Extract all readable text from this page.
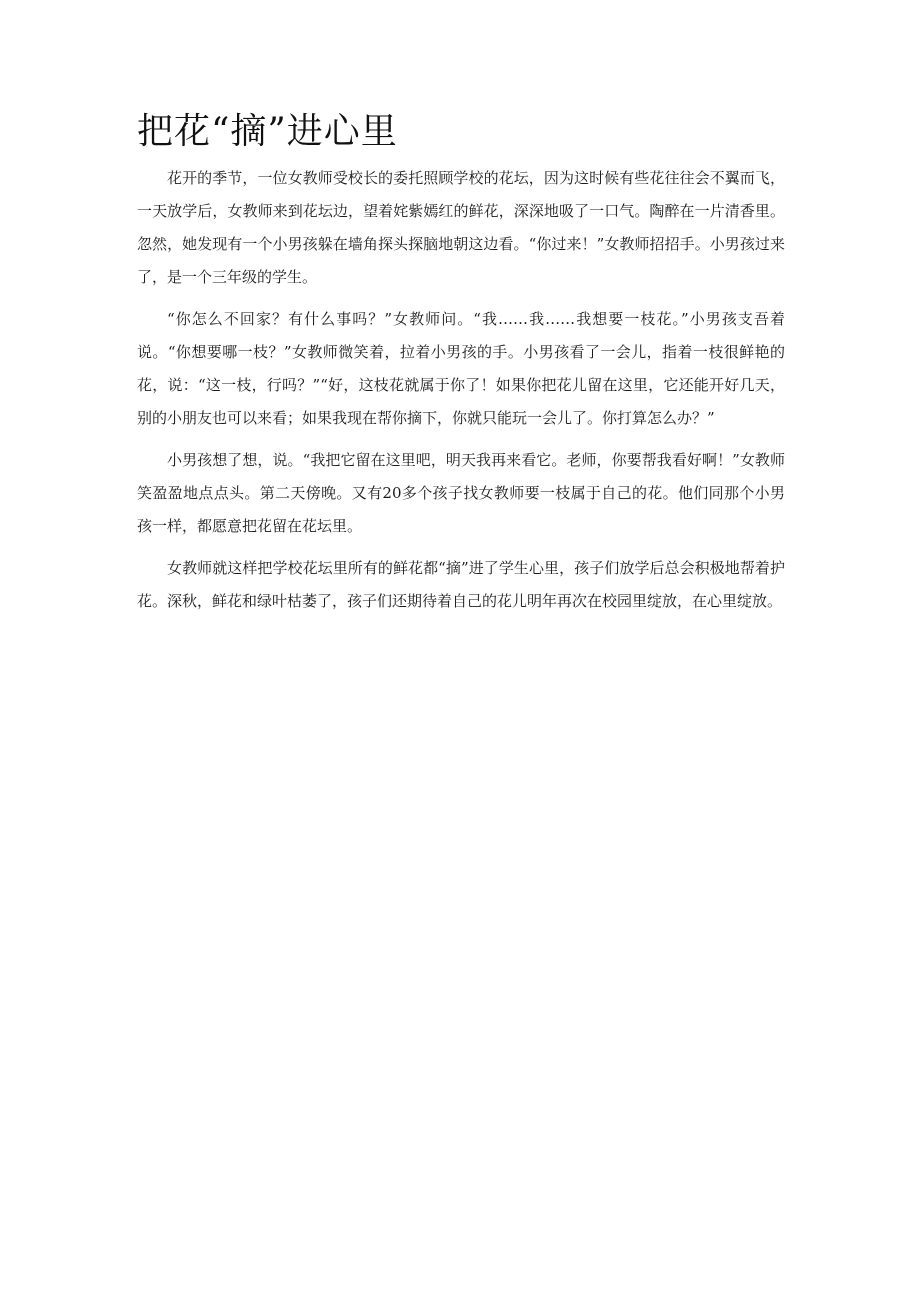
把花“摘”进心里

花开的季节，一位女教师受校长的委托照顾学校的花坛，因为这时候有些花往往会不翼而飞，一天放学后，女教师来到花坛边，望着姹紫嫣红的鲜花，深深地吸了一口气。陶醉在一片清香里。忽然，她发现有一个小男孩躲在墙角探头探脑地朝这边看。“你过来！”女教师招招手。小男孩过来了，是一个三年级的学生。

“你怎么不回家？有什么事吗？”女教师问。“我……我……我想要一枝花。”小男孩支吾着说。“你想要哪一枝？”女教师微笑着，拉着小男孩的手。小男孩看了一会儿，指着一枝很鲜艳的花，说：“这一枝，行吗？”“好，这枝花就属于你了！如果你把花儿留在这里，它还能开好几天，别的小朋友也可以来看；如果我现在帮你摘下，你就只能玩一会儿了。你打算怎么办？”

小男孩想了想，说。“我把它留在这里吧，明天我再来看它。老师，你要帮我看好啊！”女教师笑盈盈地点点头。第二天傍晚。又有20多个孩子找女教师要一枝属于自己的花。他们同那个小男孩一样，都愿意把花留在花坛里。

女教师就这样把学校花坛里所有的鲜花都“摘”进了学生心里，孩子们放学后总会积极地帮着护花。深秋，鲜花和绿叶枯萎了，孩子们还期待着自己的花儿明年再次在校园里绽放，在心里绽放。
